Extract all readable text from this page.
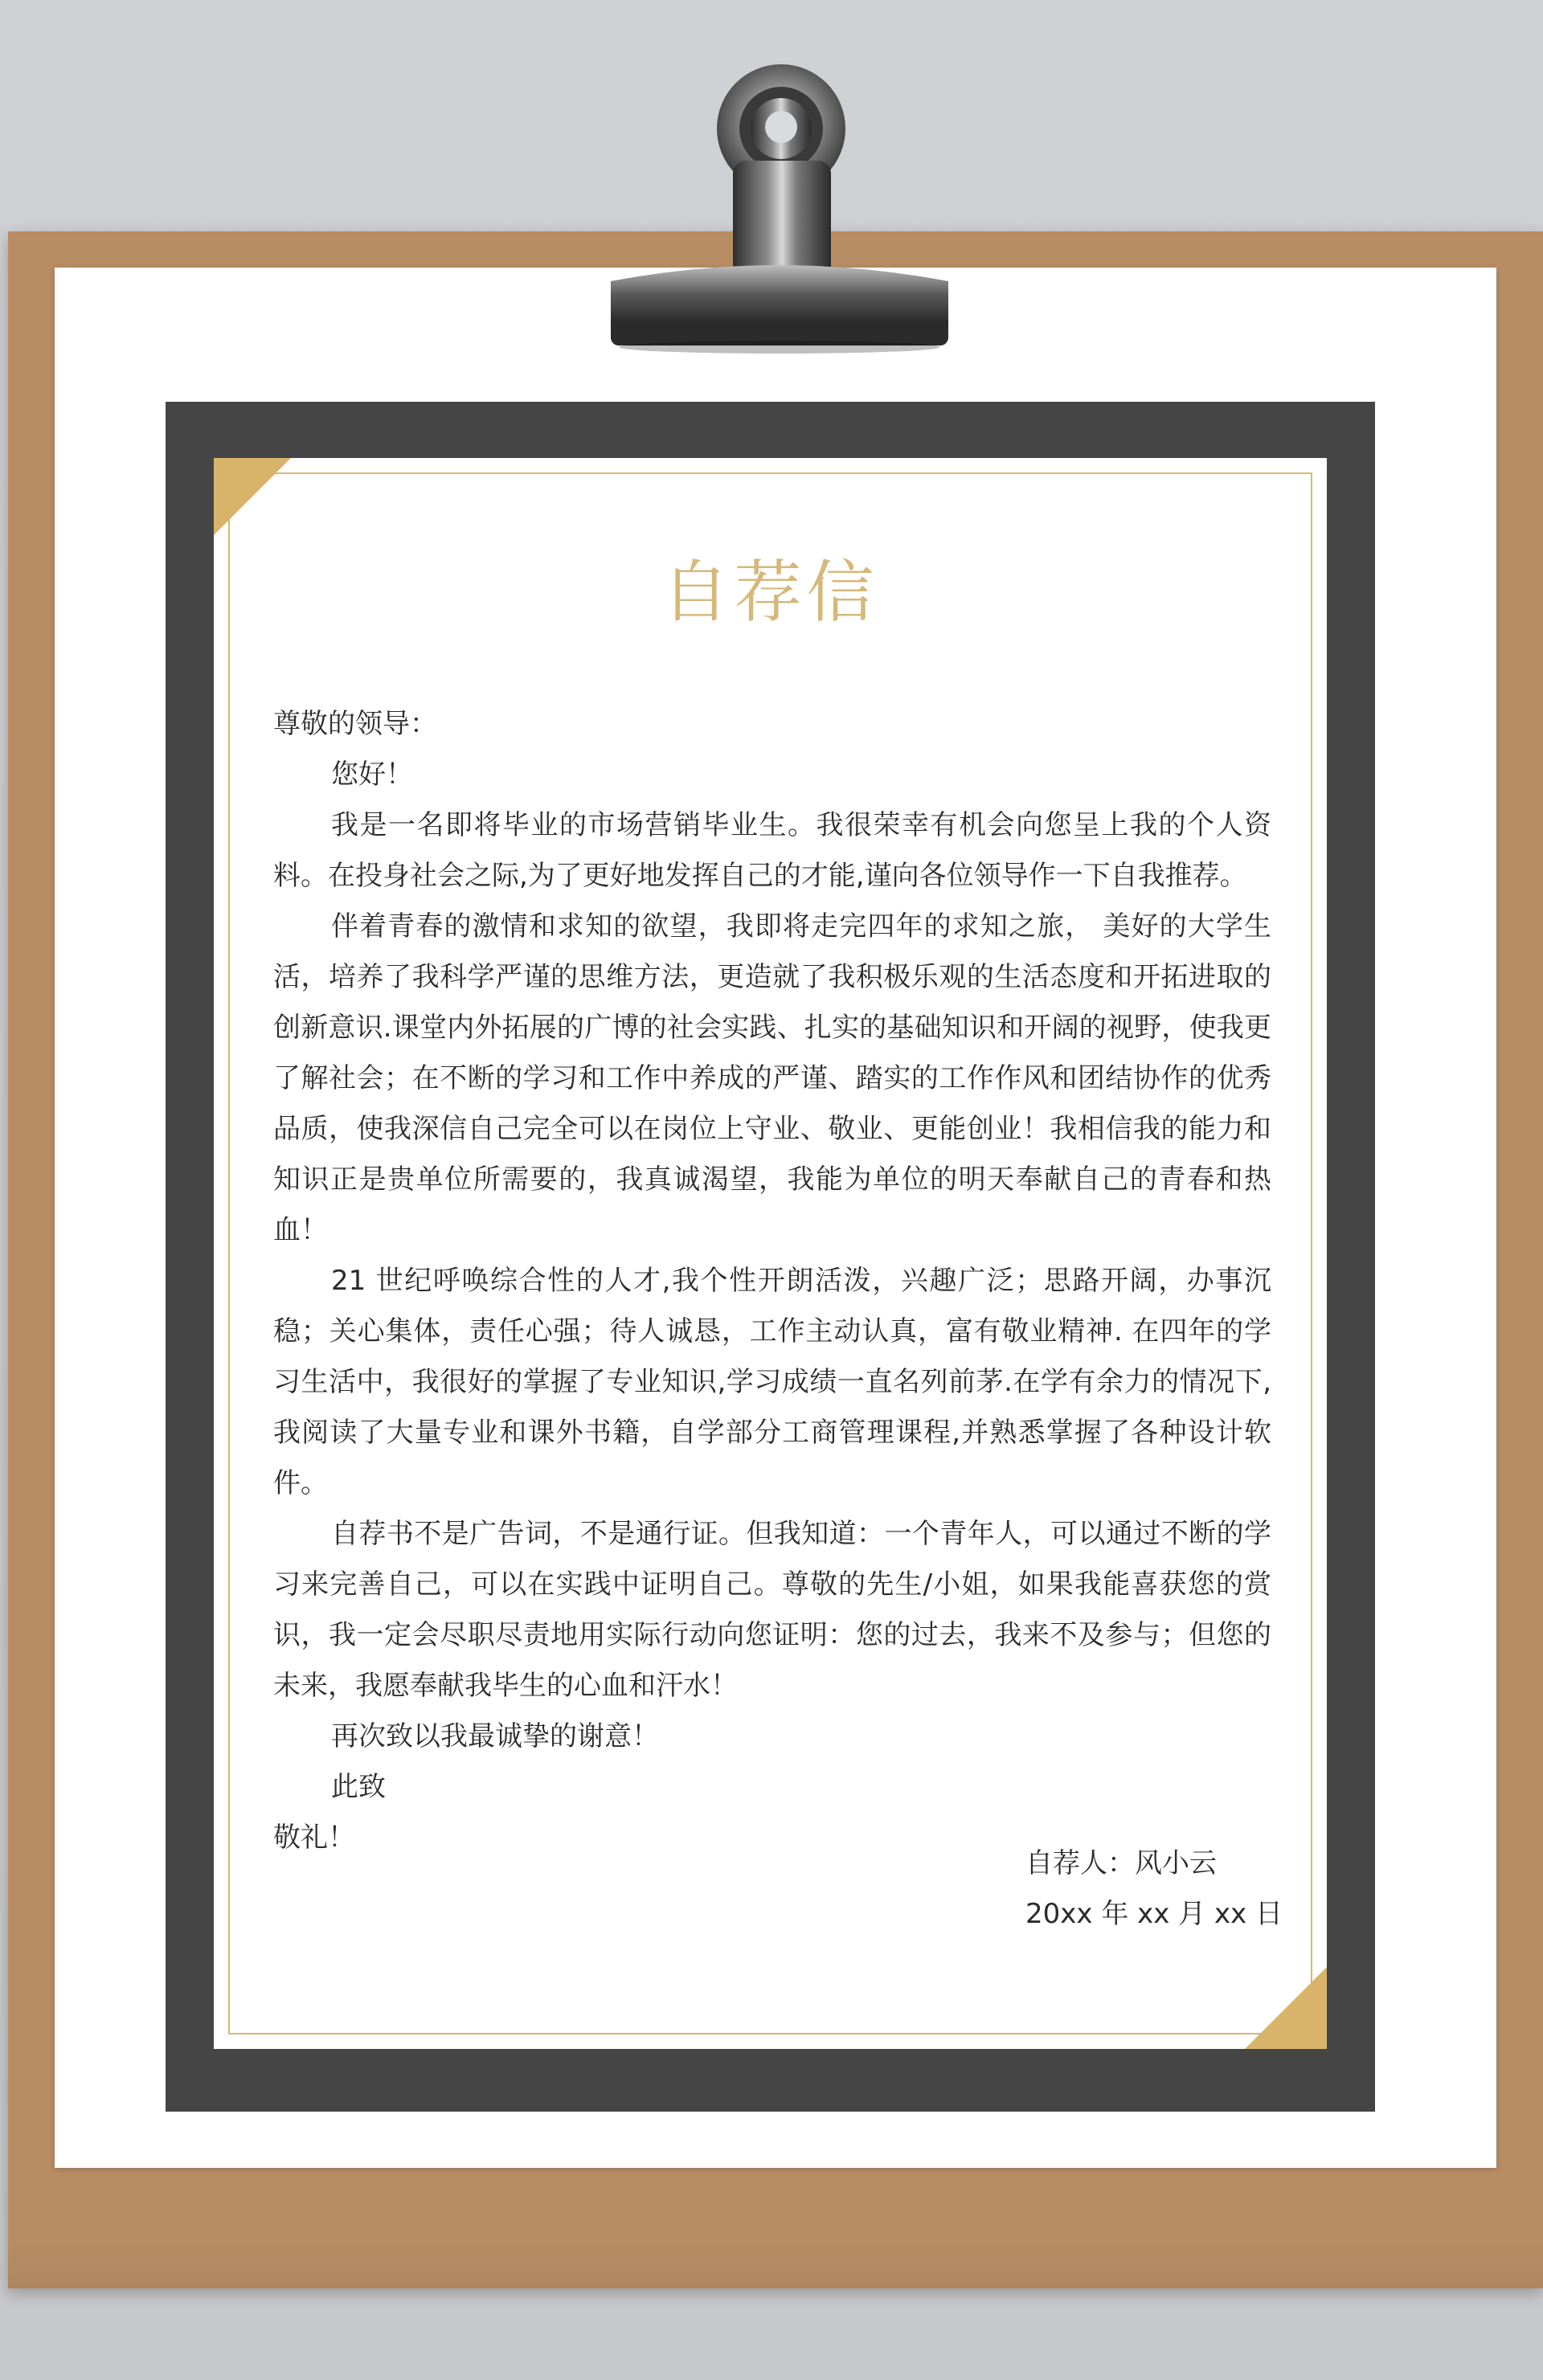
自荐信

尊敬的领导：

您好！

我是一名即将毕业的市场营销毕业生。我很荣幸有机会向您呈上我的个人资料。在投身社会之际,为了更好地发挥自己的才能,谨向各位领导作一下自我推荐。

伴着青春的激情和求知的欲望，我即将走完四年的求知之旅， 美好的大学生活，培养了我科学严谨的思维方法，更造就了我积极乐观的生活态度和开拓进取的创新意识.课堂内外拓展的广博的社会实践、扎实的基础知识和开阔的视野，使我更了解社会；在不断的学习和工作中养成的严谨、踏实的工作作风和团结协作的优秀品质，使我深信自己完全可以在岗位上守业、敬业、更能创业！我相信我的能力和知识正是贵单位所需要的，我真诚渴望，我能为单位的明天奉献自己的青春和热血！

21 世纪呼唤综合性的人才,我个性开朗活泼，兴趣广泛；思路开阔，办事沉稳；关心集体，责任心强；待人诚恳，工作主动认真，富有敬业精神. 在四年的学习生活中，我很好的掌握了专业知识,学习成绩一直名列前茅.在学有余力的情况下,我阅读了大量专业和课外书籍，自学部分工商管理课程,并熟悉掌握了各种设计软件。

自荐书不是广告词，不是通行证。但我知道：一个青年人，可以通过不断的学习来完善自己，可以在实践中证明自己。尊敬的先生/小姐，如果我能喜获您的赏识，我一定会尽职尽责地用实际行动向您证明：您的过去，我来不及参与；但您的未来，我愿奉献我毕生的心血和汗水！

再次致以我最诚挚的谢意！

此致

敬礼！

自荐人：风小云
20xx 年 xx 月 xx 日
